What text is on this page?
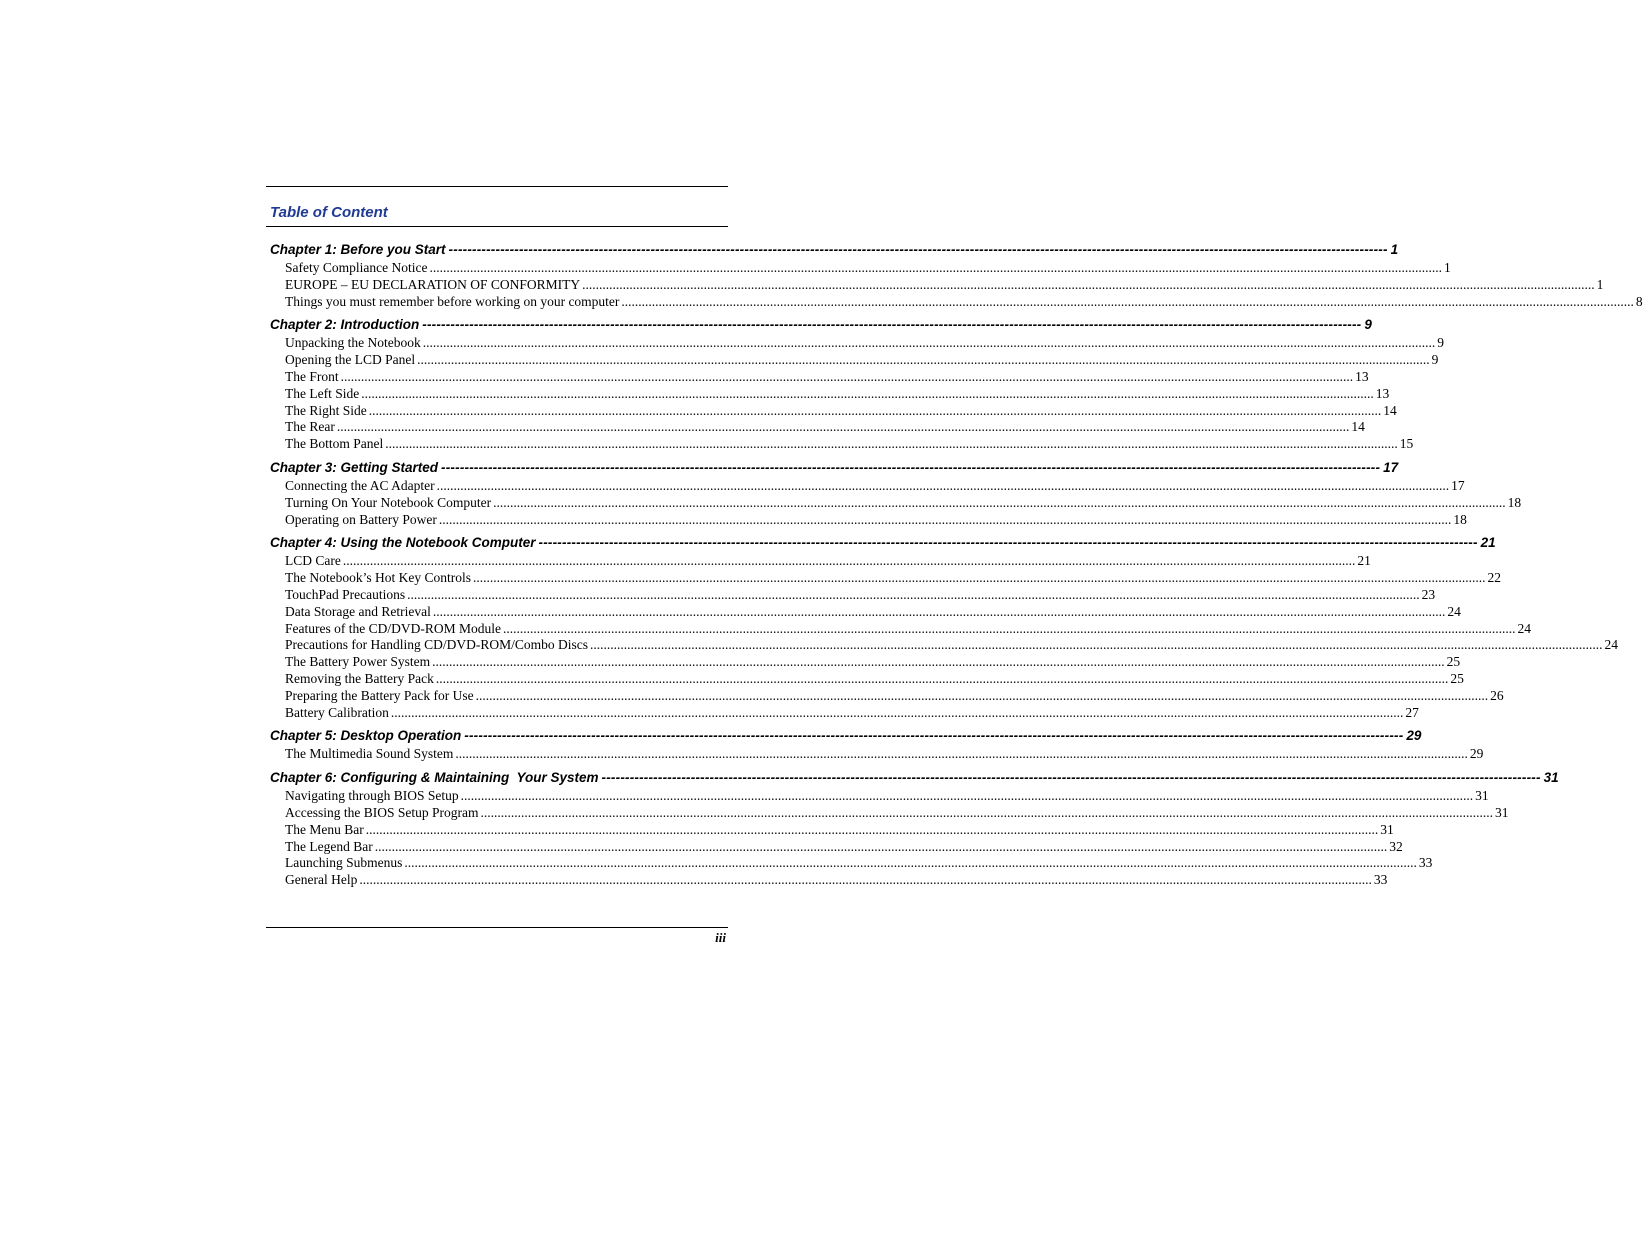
Table of Content
Chapter 1: Before you Start -------------------------------------------------------------------------------------------------------------------------------------------------------------------------------------------------------- 1
Safety Compliance Notice ............................................................................................................................................................................................................................................................................................................ 1
EUROPE – EU DECLARATION OF CONFORMITY ............................................................................................................................................................................................................................................................................................................ 1
Things you must remember before working on your computer ............................................................................................................................................................................................................................................................................................................ 8
Chapter 2: Introduction -------------------------------------------------------------------------------------------------------------------------------------------------------------------------------------------------------- 9
Unpacking the Notebook ............................................................................................................................................................................................................................................................................................................ 9
Opening the LCD Panel ............................................................................................................................................................................................................................................................................................................ 9
The Front ............................................................................................................................................................................................................................................................................................................ 13
The Left Side ............................................................................................................................................................................................................................................................................................................ 13
The Right Side ............................................................................................................................................................................................................................................................................................................ 14
The Rear ............................................................................................................................................................................................................................................................................................................ 14
The Bottom Panel ............................................................................................................................................................................................................................................................................................................ 15
Chapter 3: Getting Started -------------------------------------------------------------------------------------------------------------------------------------------------------------------------------------------------------- 17
Connecting the AC Adapter ............................................................................................................................................................................................................................................................................................................ 17
Turning On Your Notebook Computer ............................................................................................................................................................................................................................................................................................................ 18
Operating on Battery Power ............................................................................................................................................................................................................................................................................................................ 18
Chapter 4: Using the Notebook Computer -------------------------------------------------------------------------------------------------------------------------------------------------------------------------------------------------------- 21
LCD Care ............................................................................................................................................................................................................................................................................................................ 21
The Notebook’s Hot Key Controls ............................................................................................................................................................................................................................................................................................................ 22
TouchPad Precautions ............................................................................................................................................................................................................................................................................................................ 23
Data Storage and Retrieval ............................................................................................................................................................................................................................................................................................................ 24
Features of the CD/DVD-ROM Module ............................................................................................................................................................................................................................................................................................................ 24
Precautions for Handling CD/DVD-ROM/Combo Discs ............................................................................................................................................................................................................................................................................................................ 24
The Battery Power System ............................................................................................................................................................................................................................................................................................................ 25
Removing the Battery Pack ............................................................................................................................................................................................................................................................................................................ 25
Preparing the Battery Pack for Use ............................................................................................................................................................................................................................................................................................................ 26
Battery Calibration ............................................................................................................................................................................................................................................................................................................ 27
Chapter 5: Desktop Operation -------------------------------------------------------------------------------------------------------------------------------------------------------------------------------------------------------- 29
The Multimedia Sound System ............................................................................................................................................................................................................................................................................................................ 29
Chapter 6: Configuring & Maintaining  Your System -------------------------------------------------------------------------------------------------------------------------------------------------------------------------------------------------------- 31
Navigating through BIOS Setup ............................................................................................................................................................................................................................................................................................................ 31
Accessing the BIOS Setup Program ............................................................................................................................................................................................................................................................................................................ 31
The Menu Bar ............................................................................................................................................................................................................................................................................................................ 31
The Legend Bar ............................................................................................................................................................................................................................................................................................................ 32
Launching Submenus ............................................................................................................................................................................................................................................................................................................ 33
General Help ............................................................................................................................................................................................................................................................................................................ 33
iii
